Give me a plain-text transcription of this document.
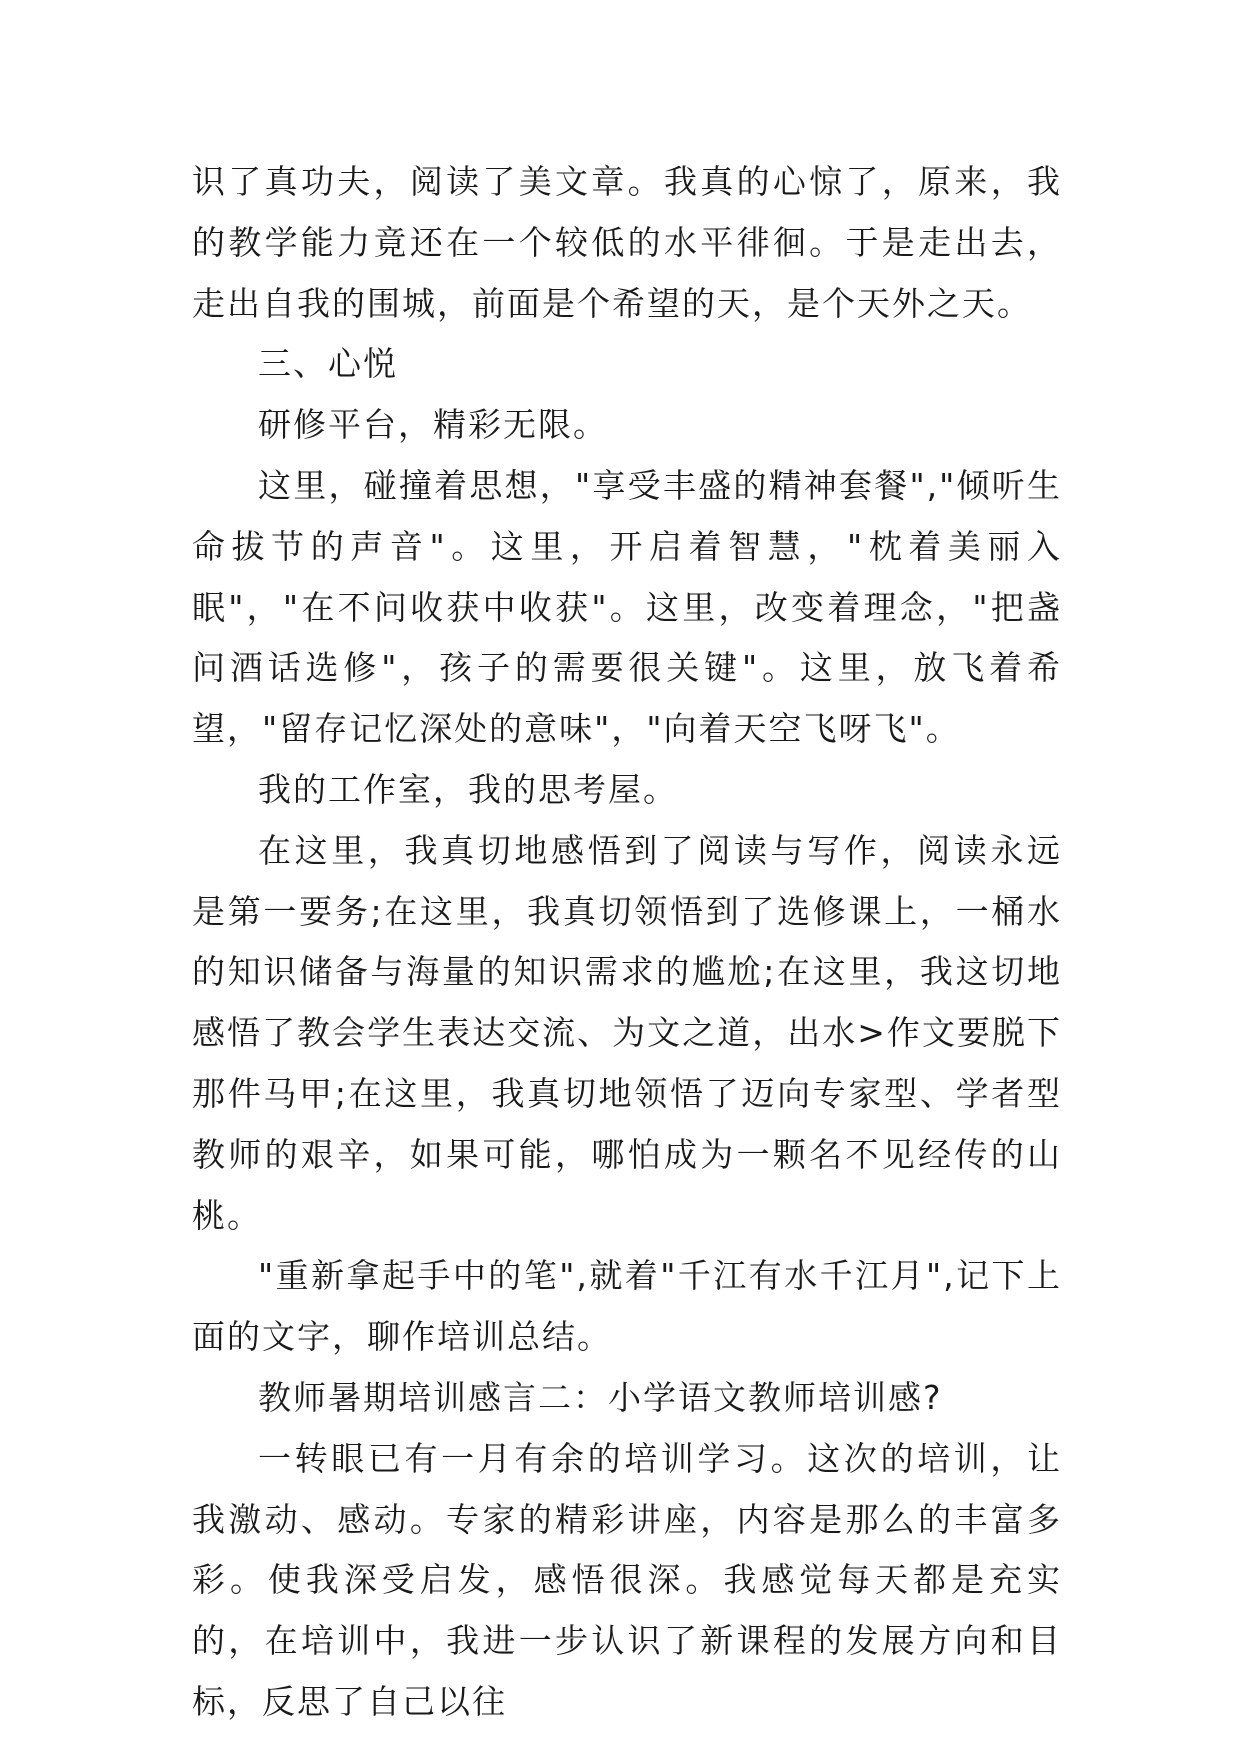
识了真功夫，阅读了美文章。我真的心惊了，原来，我的教学能力竟还在一个较低的水平徘徊。于是走出去，走出自我的围城，前面是个希望的天，是个天外之天。

三、心悦

研修平台，精彩无限。

这里，碰撞着思想，"享受丰盛的精神套餐","倾听生命拔节的声音"。这里，开启着智慧，"枕着美丽入眠"，"在不问收获中收获"。这里，改变着理念，"把盏问酒话选修"，孩子的需要很关键"。这里，放飞着希望，"留存记忆深处的意味"，"向着天空飞呀飞"。

我的工作室，我的思考屋。

在这里，我真切地感悟到了阅读与写作，阅读永远是第一要务;在这里，我真切领悟到了选修课上，一桶水的知识储备与海量的知识需求的尴尬;在这里，我这切地感悟了教会学生表达交流、为文之道，出水>作文要脱下那件马甲;在这里，我真切地领悟了迈向专家型、学者型教师的艰辛，如果可能，哪怕成为一颗名不见经传的山桃。

"重新拿起手中的笔",就着"千江有水千江月",记下上面的文字，聊作培训总结。

教师暑期培训感言二：小学语文教师培训感?

一转眼已有一月有余的培训学习。这次的培训，让我激动、感动。专家的精彩讲座，内容是那么的丰富多彩。使我深受启发，感悟很深。我感觉每天都是充实的，在培训中，我进一步认识了新课程的发展方向和目标，反思了自己以往
